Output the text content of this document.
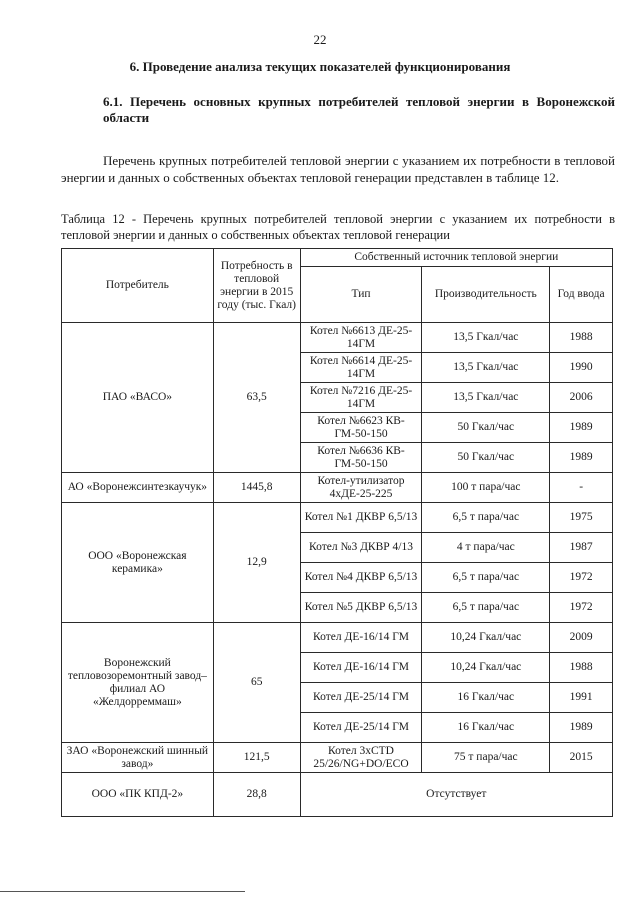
22
6. Проведение анализа текущих показателей функционирования
6.1. Перечень основных крупных потребителей тепловой энергии в Воронежской области
Перечень крупных потребителей тепловой энергии с указанием их потребности в тепловой энергии и данных о собственных объектах тепловой генерации представлен в таблице 12.
Таблица 12 - Перечень крупных потребителей тепловой энергии с указанием их потребности в тепловой энергии и данных о собственных объектах тепловой генерации
Потребитель	Потребность в тепловой энергии в 2015 году (тыс. Гкал)	Собственный источник тепловой энергии		
		Тип	Производительность	Год ввода
ПАО «ВАСО»	63,5	Котел №6613 ДЕ-25-14ГМ	13,5 Гкал/час	1988
		Котел №6614 ДЕ-25-14ГМ	13,5 Гкал/час	1990
		Котел №7216 ДЕ-25-14ГМ	13,5 Гкал/час	2006
		Котел №6623 КВ-ГМ-50-150	50 Гкал/час	1989
		Котел №6636 КВ-ГМ-50-150	50 Гкал/час	1989
АО «Воронежсинтезкаучук»	1445,8	Котел-утилизатор 4хДЕ-25-225	100 т пара/час	-
ООО «Воронежская керамика»	12,9	Котел №1 ДКВР 6,5/13	6,5 т пара/час	1975
		Котел №3 ДКВР 4/13	4 т пара/час	1987
		Котел №4 ДКВР 6,5/13	6,5 т пара/час	1972
		Котел №5 ДКВР 6,5/13	6,5 т пара/час	1972
Воронежский тепловозоремонтный завод– филиал АО «Желдорреммаш»	65	Котел ДЕ-16/14 ГМ	10,24 Гкал/час	2009
		Котел ДЕ-16/14 ГМ	10,24 Гкал/час	1988
		Котел ДЕ-25/14 ГМ	16 Гкал/час	1991
		Котел ДЕ-25/14 ГМ	16 Гкал/час	1989
ЗАО «Воронежский шинный завод»	121,5	Котел 3хCTD 25/26/NG+DO/ECO	75 т пара/час	2015
ООО «ПК КПД-2»	28,8	Отсутствует		
